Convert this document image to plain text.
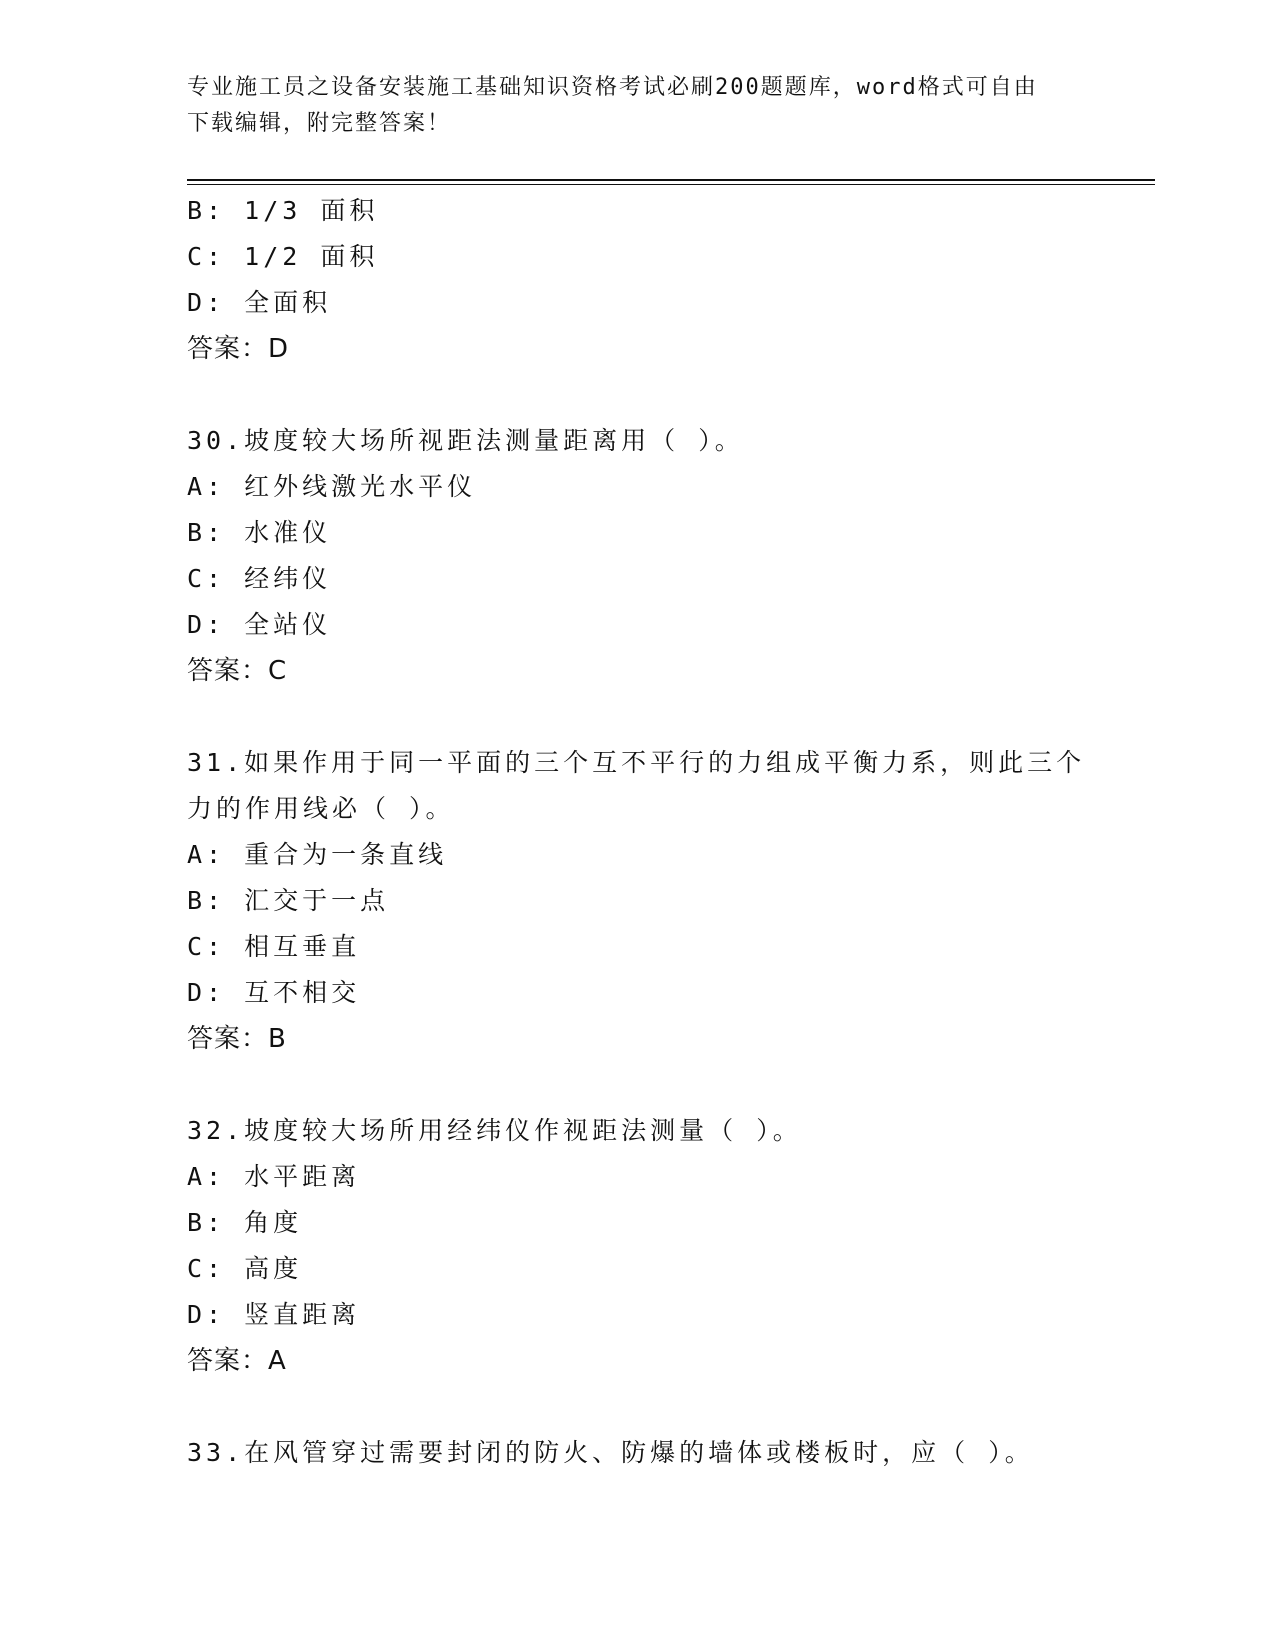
专业施工员之设备安装施工基础知识资格考试必刷200题题库，word格式可自由
下载编辑，附完整答案！
B: 1/3 面积
C: 1/2 面积
D: 全面积
答案：D
30.坡度较大场所视距法测量距离用（ ）。
A: 红外线激光水平仪
B: 水准仪
C: 经纬仪
D: 全站仪
答案：C
31.如果作用于同一平面的三个互不平行的力组成平衡力系，则此三个
力的作用线必（ ）。
A: 重合为一条直线
B: 汇交于一点
C: 相互垂直
D: 互不相交
答案：B
32.坡度较大场所用经纬仪作视距法测量（ ）。
A: 水平距离
B: 角度
C: 高度
D: 竖直距离
答案：A
33.在风管穿过需要封闭的防火、防爆的墙体或楼板时，应（ ）。
